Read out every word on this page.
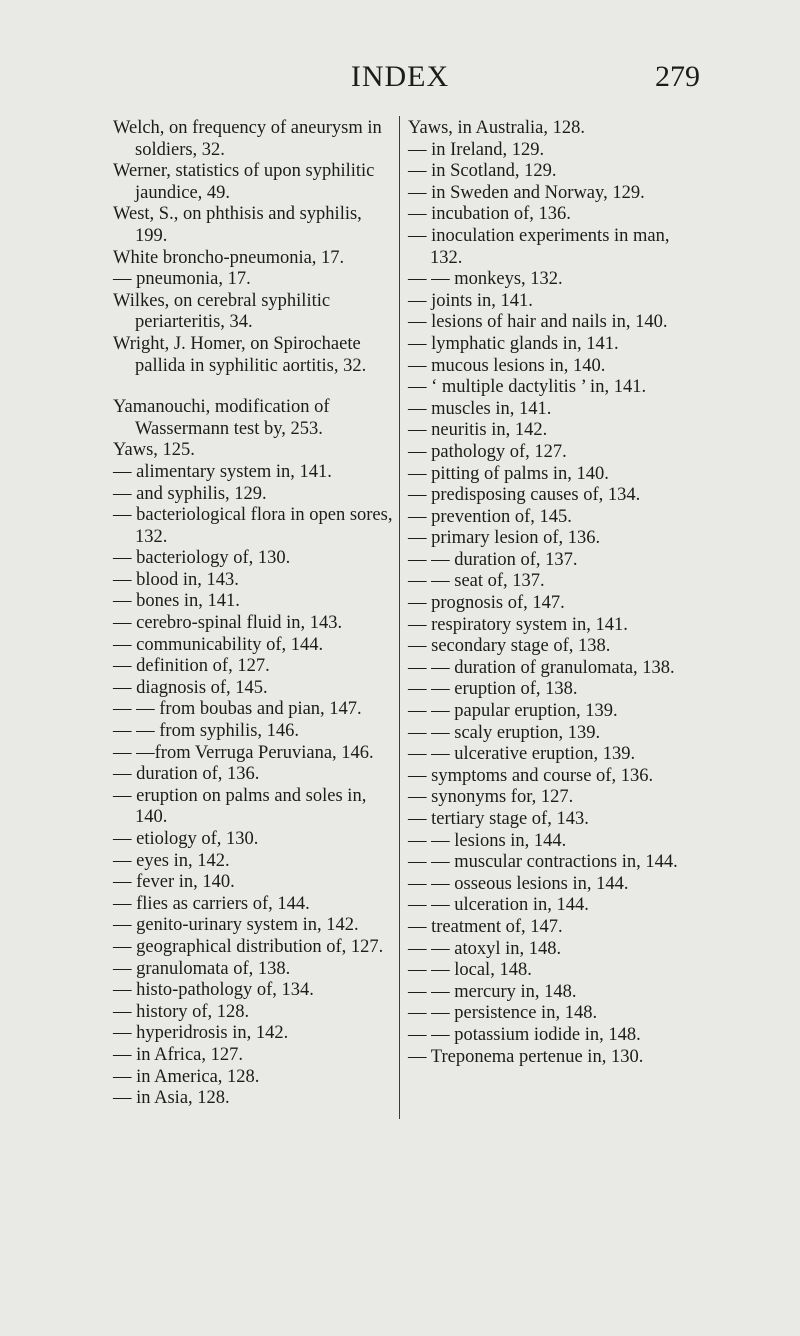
INDEX	279
Welch, on frequency of aneurysm in soldiers, 32.
Werner, statistics of upon syphilitic jaundice, 49.
West, S., on phthisis and syphilis, 199.
White broncho-pneumonia, 17.
— pneumonia, 17.
Wilkes, on cerebral syphilitic periarteritis, 34.
Wright, J. Homer, on Spirochaete pallida in syphilitic aortitis, 32.
Yamanouchi, modification of Wassermann test by, 253.
Yaws, 125.
— alimentary system in, 141.
— and syphilis, 129.
— bacteriological flora in open sores, 132.
— bacteriology of, 130.
— blood in, 143.
— bones in, 141.
— cerebro-spinal fluid in, 143.
— communicability of, 144.
— definition of, 127.
— diagnosis of, 145.
— — from boubas and pian, 147.
— — from syphilis, 146.
— —from Verruga Peruviana, 146.
— duration of, 136.
— eruption on palms and soles in, 140.
— etiology of, 130.
— eyes in, 142.
— fever in, 140.
— flies as carriers of, 144.
— genito-urinary system in, 142.
— geographical distribution of, 127.
— granulomata of, 138.
— histo-pathology of, 134.
— history of, 128.
— hyperidrosis in, 142.
— in Africa, 127.
— in America, 128.
— in Asia, 128.
Yaws, in Australia, 128.
— in Ireland, 129.
— in Scotland, 129.
— in Sweden and Norway, 129.
— incubation of, 136.
— inoculation experiments in man, 132.
— — monkeys, 132.
— joints in, 141.
— lesions of hair and nails in, 140.
— lymphatic glands in, 141.
— mucous lesions in, 140.
— ‘ multiple dactylitis ’ in, 141.
— muscles in, 141.
— neuritis in, 142.
— pathology of, 127.
— pitting of palms in, 140.
— predisposing causes of, 134.
— prevention of, 145.
— primary lesion of, 136.
— — duration of, 137.
— — seat of, 137.
— prognosis of, 147.
— respiratory system in, 141.
— secondary stage of, 138.
— — duration of granulomata, 138.
— — eruption of, 138.
— — papular eruption, 139.
— — scaly eruption, 139.
— — ulcerative eruption, 139.
— symptoms and course of, 136.
— synonyms for, 127.
— tertiary stage of, 143.
— — lesions in, 144.
— — muscular contractions in, 144.
— — osseous lesions in, 144.
— — ulceration in, 144.
— treatment of, 147.
— — atoxyl in, 148.
— — local, 148.
— — mercury in, 148.
— — persistence in, 148.
— — potassium iodide in, 148.
— Treponema pertenue in, 130.
